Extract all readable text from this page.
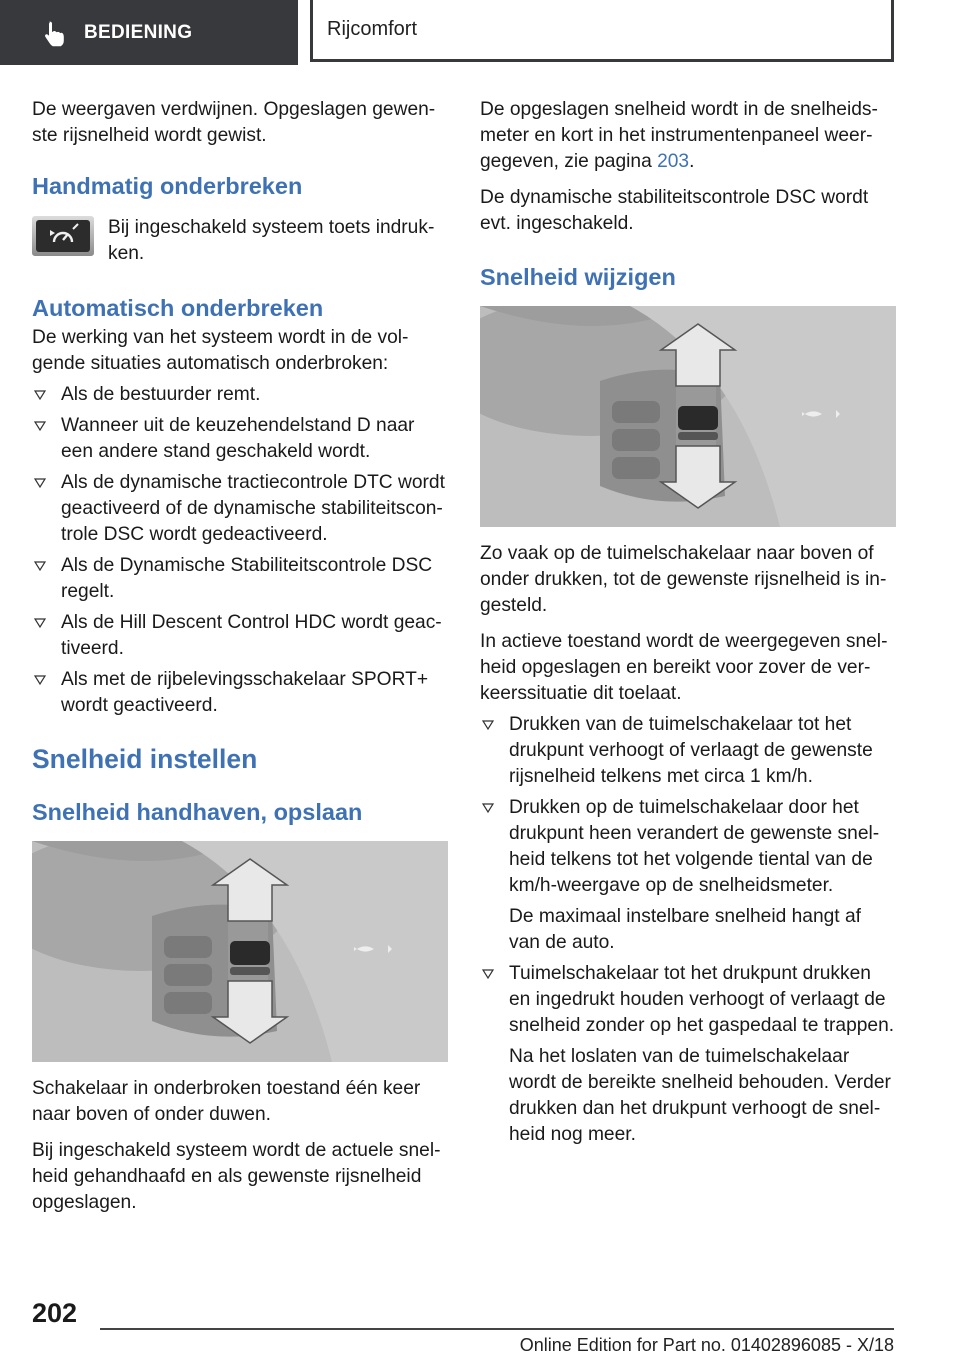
BEDIENING	Rijcomfort

De weergaven verdwijnen. Opgeslagen gewen-ste rijsnelheid wordt gewist.

Handmatig onderbreken

Bij ingeschakeld systeem toets indruk-ken.

Automatisch onderbreken

De werking van het systeem wordt in de vol-gende situaties automatisch onderbroken:

Als de bestuurder remt.
Wanneer uit de keuzehendelstand D naar een andere stand geschakeld wordt.
Als de dynamische tractiecontrole DTC wordt geactiveerd of de dynamische stabiliteitscon-trole DSC wordt gedeactiveerd.
Als de Dynamische Stabiliteitscontrole DSC regelt.
Als de Hill Descent Control HDC wordt geac-tiveerd.
Als met de rijbelevingsschakelaar SPORT+ wordt geactiveerd.
Snelheid instellen
Snelheid handhaven, opslaan

Schakelaar in onderbroken toestand één keer naar boven of onder duwen.

Bij ingeschakeld systeem wordt de actuele snel-heid gehandhaafd en als gewenste rijsnelheid opgeslagen.

De opgeslagen snelheid wordt in de snelheids-meter en kort in het instrumentenpaneel weer-gegeven, zie pagina 203.

De dynamische stabiliteitscontrole DSC wordt evt. ingeschakeld.

Snelheid wijzigen

Zo vaak op de tuimelschakelaar naar boven of onder drukken, tot de gewenste rijsnelheid is in-gesteld.

In actieve toestand wordt de weergegeven snel-heid opgeslagen en bereikt voor zover de ver-keerssituatie dit toelaat.

Drukken van de tuimelschakelaar tot het drukpunt verhoogt of verlaagt de gewenste rijsnelheid telkens met circa 1 km/h.
Drukken op de tuimelschakelaar door het drukpunt heen verandert de gewenste snel-heid telkens tot het volgende tiental van de km/h-weergave op de snelheidsmeter.
De maximaal instelbare snelheid hangt af van de auto.
Tuimelschakelaar tot het drukpunt drukken en ingedrukt houden verhoogt of verlaagt de snelheid zonder op het gaspedaal te trappen.
Na het loslaten van de tuimelschakelaar wordt de bereikte snelheid behouden. Verder drukken dan het drukpunt verhoogt de snel-heid nog meer.
202
Online Edition for Part no. 01402896085 - X/18
